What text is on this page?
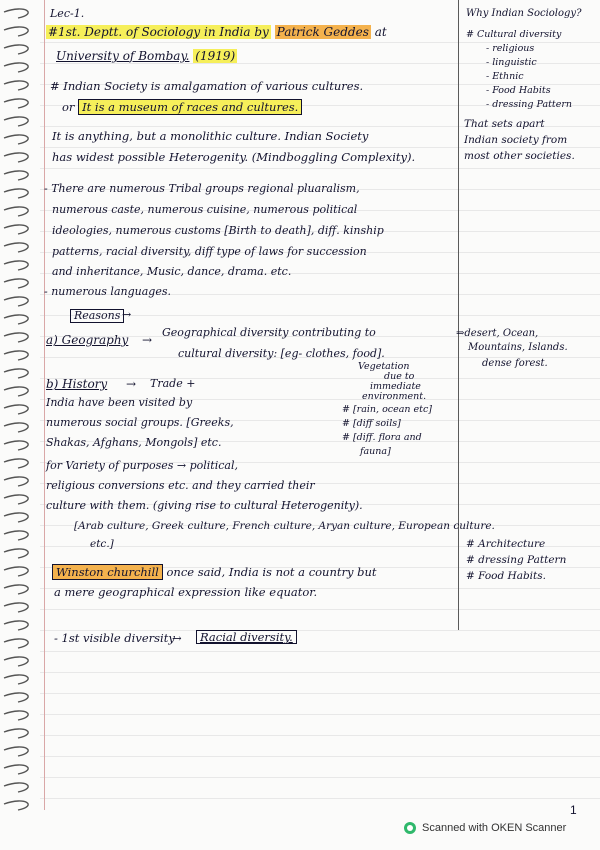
Lec-1.
#1st. Deptt. of Sociology in India by Patrick Geddes at
University of Bombay. (1919)
# Indian Society is amalgamation of various cultures.
or It is a museum of races and cultures.
It is anything, but a monolithic culture. Indian Society
has widest possible Heterogenity. (Mindboggling Complexity).
- There are numerous Tribal groups regional pluaralism,
numerous caste, numerous cuisine, numerous political
ideologies, numerous customs [Birth to death], diff. kinship
patterns, racial diversity, diff type of laws for succession
and inheritance, Music, dance, drama. etc.
- numerous languages.
Reasons →
a) Geography →
Geographical diversity contributing to
cultural diversity: [eg- clothes, food].
⇒desert, Ocean,
Mountains, Islands.
dense forest.
Vegetation
due to
immediate
environment.
# [rain, ocean etc]
# [diff soils]
# [diff. flora and
fauna]
b) History → Trade +
India have been visited by
numerous social groups. [Greeks,
Shakas, Afghans, Mongols] etc.
for Variety of purposes → political,
religious conversions etc. and they carried their
culture with them. (giving rise to cultural Heterogenity).
[Arab culture, Greek culture, French culture, Aryan culture, European culture.
etc.]	# Architecture
# dressing Pattern
# Food Habits.
Winston churchill once said, India is not a country but
a mere geographical expression like equator.
- 1st visible diversity
→	Racial diversity.
Why Indian Sociology?
# Cultural diversity
- religious
- linguistic
- Ethnic
- Food Habits
- dressing Pattern
That sets apart
Indian society from
most other societies.
1
Scanned with OKEN Scanner
